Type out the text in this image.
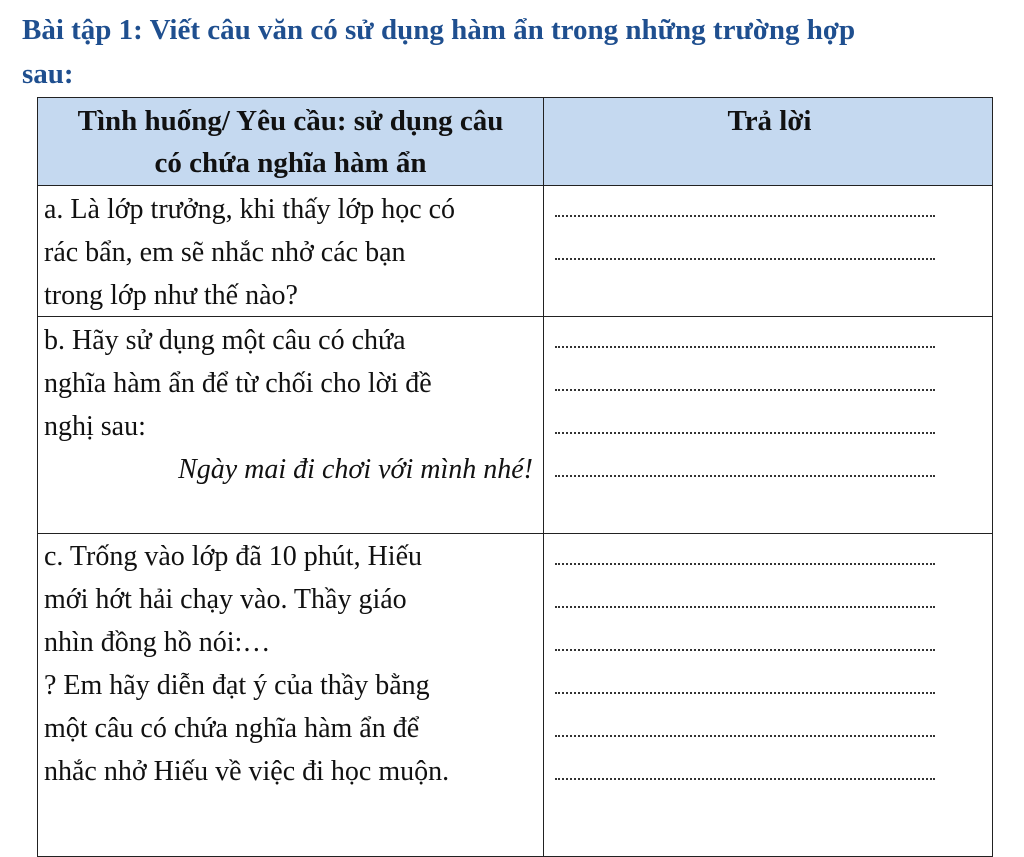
Bài tập 1: Viết câu văn có sử dụng hàm ẩn trong những trường hợp
sau:
Tình huống/ Yêu cầu: sử dụng câu
có chứa nghĩa hàm ẩn
Trả lời
a. Là lớp trưởng, khi thấy lớp học có
rác bẩn, em sẽ nhắc nhở các bạn
trong lớp như thế nào?
b. Hãy sử dụng một câu có chứa
nghĩa hàm ẩn để từ chối cho lời đề
nghị sau:
Ngày mai đi chơi với mình nhé!
c. Trống vào lớp đã 10 phút, Hiếu
mới hớt hải chạy vào. Thầy giáo
nhìn đồng hồ nói:…
? Em hãy diễn đạt ý của thầy bằng
một câu có chứa nghĩa hàm ẩn để
nhắc nhở Hiếu về việc đi học muộn.
